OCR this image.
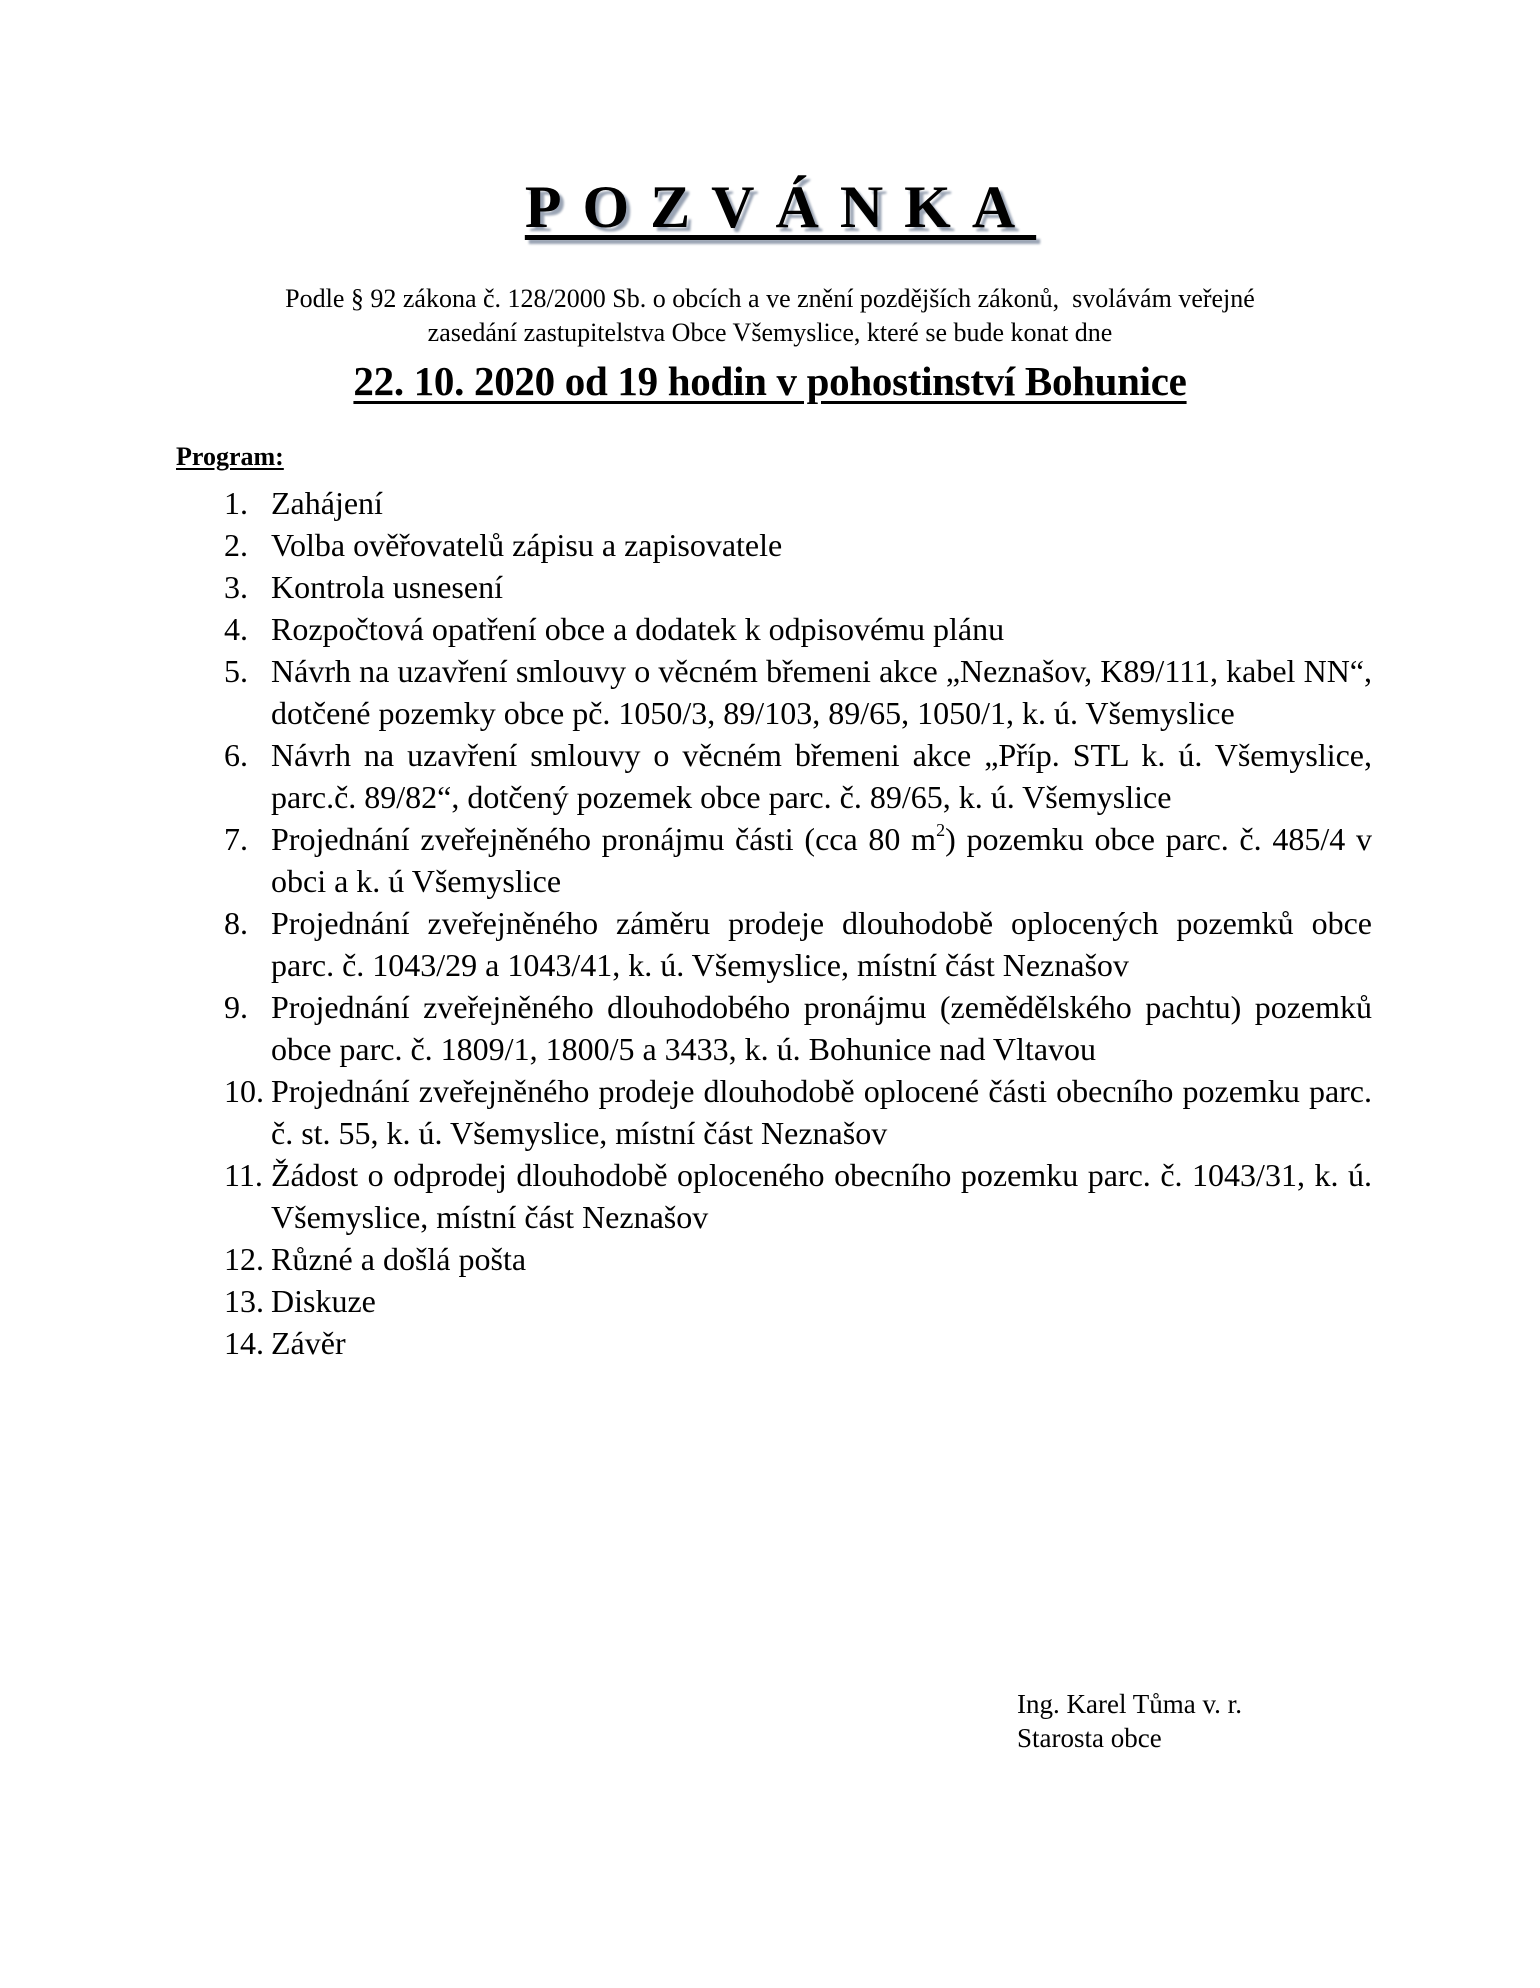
POZVÁNKA
Podle § 92 zákona č. 128/2000 Sb. o obcích a ve znění pozdějších zákonů,  svolávám veřejné
zasedání zastupitelstva Obce Všemyslice, které se bude konat dne
22. 10. 2020 od 19 hodin v pohostinství Bohunice
Program:
1. Zahájení
2. Volba ověřovatelů zápisu a zapisovatele
3. Kontrola usnesení
4. Rozpočtová opatření obce a dodatek k odpisovému plánu
5. Návrh na uzavření smlouvy o věcném břemeni akce „Neznašov, K89/111, kabel NN“, dotčené pozemky obce pč. 1050/3, 89/103, 89/65, 1050/1, k. ú. Všemyslice
6. Návrh na uzavření smlouvy o věcném břemeni akce „Příp. STL k. ú. Všemyslice, parc.č. 89/82“, dotčený pozemek obce parc. č. 89/65, k. ú. Všemyslice
7. Projednání zveřejněného pronájmu části (cca 80 $m^2$) pozemku obce parc. č. 485/4 v obci a k. ú Všemyslice
8. Projednání zveřejněného záměru prodeje dlouhodobě oplocených pozemků obce parc. č. 1043/29 a 1043/41, k. ú. Všemyslice, místní část Neznašov
9. Projednání zveřejněného dlouhodobého pronájmu (zemědělského pachtu) pozemků obce parc. č. 1809/1, 1800/5 a 3433, k. ú. Bohunice nad Vltavou
10. Projednání zveřejněného prodeje dlouhodobě oplocené části obecního pozemku parc. č. st. 55, k. ú. Všemyslice, místní část Neznašov
11. Žádost o odprodej dlouhodobě oploceného obecního pozemku parc. č. 1043/31, k. ú. Všemyslice, místní část Neznašov
12. Různé a došlá pošta
13. Diskuze
14. Závěr
Ing. Karel Tůma v. r.
Starosta obce
